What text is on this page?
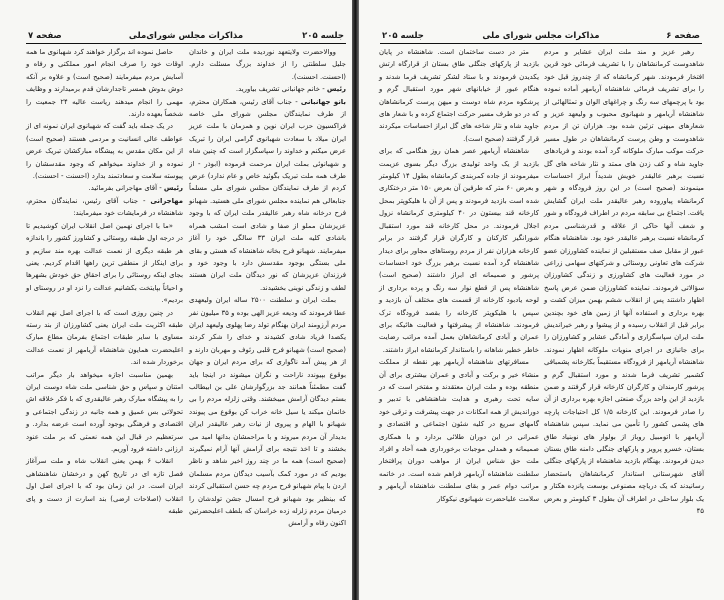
جلسه ۲۰۵
مذاکرات مجلس شورای‌ملی
صفحه ۷

ووالاحضرت ولایتعهد نوردیده ملت ایران و خاندان جلیل سلطنتی را از خداوند بزرگ مسئلت دارم. (احسنت. احسنت).

رئیس - خانم جهانبانی تشریف بیاورید.

بانو جهانبانی - جناب آقای رئیس، همکاران محترم، از طرف نمایندگان مجلس شورای ملی خاصه فراکسیون حزب ایران نوین و همزمان با ملت عزیز ایران میلاد با سعادت شهبانوی گرامی ایران را تبریک عرض میکنم و خداوند را سپاسگزار است که چنین شاه و شهبانوئی بملت ایران مرحمت فرموده (ابوذر - از طرف همه ملت تبریک بگوئید خاص و عام ندارد) عرض کردم از طرف نمایندگان مجلس شورای ملی مسلماً جنابعالی هم نماینده مجلس شورای ملی هستید. شهبانو فرح درخانه شاه رهبر عالیقدر ملت ایران که با وجود عزیزشان مملو از صفا و شادی است امشب همراه باشادی کلیه ملت ایران ۳۳ سالگی خود را آغاز میفرمایند. شهبانو فرح بخانه شاهنشاه که هستی و بقای ملی بستگی بوجود مقدسش دارد با وجود خود و فرزندان عزیزشان که نور دیدگان ملت ایران هستند لطف و زندگی نوینی بخشیدند.

بملت ایران و سلطنت ۲۵۰۰ ساله ایران ولیعهدی عطا فرمودند که ودیعه عزیز الهی بوده و ۳۵ میلیون نفر مردم آرزومند ایران بهنگام تولد رضا پهلوی ولیعهد ایران یکصدا فریاد شادی کشیدند و خدای را شکر کردند (صحیح است) شهبانو فرح قلبی رئوف و مهربان دارند و از هر پیش آمد ناگواری که برای مردم ایران و جهان بوقوع بپیوندد ناراحت و نگران میشوند در اینجا باید گفت مطمئناً همانند جد بزرگوارشان علی بن ابیطالب بستم دیدگان آرامش میبخشند. وقتی زلزله مردم را بی خانمان میکند یا سیل خانه خراب کن بوقوع می پیوندد شهبانو با الهام و پیروی از نیات رهبر عالیقدر ایران بدیدار آن مردم میروند و با مراحمشان بدانها امید می بخشند و تا اخذ نتیجه برای آرامش آنها آرام نمیگیرند (صحیح است) همه ما در چند روز اخیر شاهد و ناظر بودیم که در مورد کمک بآسیب دیدگان مردم مسلمان اردن با پیام شهبانو فرح مردم چه حسن استقبالی کردند که بینظیر بود شهبانو فرح امسال جشن تولدشان را درمیان مردم زلزله زده خراسان که بلطف اعلیحضرتین اکنون رفاه و آرامش

حاصل نموده اند برگزار خواهند کرد شهبانوی ما همه اوقات خود را صرف انجام امور مملکتی و رفاه و آسایش مردم میفرمایند (صحیح است) و علاوه بر آنکه دوش بدوش همسر تاجدارشان قدم برمیدارند و وظایف مهمی را انجام میدهند ریاست عالیه ۲۴ جمعیت را شخصاً بعهده دارند.

در یک جمله باید گفت که شهبانوی ایران نمونه ای از عواطف عالی انسانیت و مردمی هستند (صحیح است) از این مکان مقدس به پیشگاه مبارکشان تبریک عرض نموده و از خداوند میخواهم که وجود مقدسشان را پیوسته سلامت و سعادتمند بدارد (احسنت - احسنت).

رئیس - آقای مهاجرانی بفرمائید.

مهاجرانی - جناب آقای رئیس، نمایندگان محترم، شاهنشاه در فرمایشات خود میفرمایند:

«ما با اجرای نهمین اصل انقلاب ایران کوشیدیم تا در درجه اول طبقه روستائی و کشاورز کشور را باندازه هر طبقه دیگری از نعمت عدالت بهره مند سازیم و برای اینکار از منطقی ترین راهها اقدام کردیم. یعنی بجای اینکه روستائی را برای احقاق حق خودش بشهرها و احیاناً بپایتخت بکشانیم عدالت را نزد او در روستای او بردیم».

در چنین روزی است که با اجرای اصل نهم انقلاب طبقه اکثریت ملت ایران یعنی کشاورزان از بند رسته مساوی با سایر طبقات اجتماع بفرمان مطاع مبارک اعلیحضرت همایون شاهنشاه آریامهر از نعمت عدالت برخوردار شده اند.

بهمین مناسبت اجازه میخواهد بار دیگر مراتب امتنان و سپاس و حق شناسی ملت شاه دوست ایران را به پیشگاه مبارک رهبر عالیقدری که با فکر خلاقه اش تحولاتی بس عمیق و همه جانبه در زندگی اجتماعی و اقتصادی و فرهنگی بوجود آورده است عرضه بدارد. و سرتعظیم در قبال این همه نعمتی که بر ملت عنود ارزانی داشته فرود آوریم.

انقلاب ۶ بهمن یعنی انقلاب شاه و ملت سرآغاز فصل تازه ای در تاریخ کهن و درخشان شاهنشاهی ایران است. در این زمان بود که با اجرای اصل اول انقلاب (اصلاحات ارضی) بند اسارت از دست و پای طبقه

صفحه ۶
مذاکرات مجلس شورای ملی
جلسه ۲۰۵

رهبر عزیز و مند ملت ایران عشایر و مردم شاهدوست کرمانشاهان را با تشریف فرمائی خود قرین افتخار فرمودند. شهر کرمانشاه که از چندروز قبل خود را برای تشریف فرمائی شاهنشاه آریامهر آماده نموده بود با پرچمهای سه رنگ و چراغهای الوان و تمثالهائی از شاهنشاه آریامهر و شهبانوی محبوب و ولیعهد عزیز و شعارهای میهنی تزئین شده بود. هزاران تن از مردم شاهدوست و وطن پرست کرمانشاهان در طول مسیر حرکت موکب مبارک ملوکانه گرد آمده بودند و فریادهای جاوید شاه و کف زدن های ممتد و نثار شاخه های گل نسبت برهبر عالیقدر خویش شدیداً ابراز احساسات مینمودند (صحیح است) در این روز فرودگاه و شهر کرمانشاه پیاوروده رهبر عالیقدر ملت ایران گشایش یافت. اجتماع بی سابقه مردم در اطراف فرودگاه و شور و شعف آنها حاکی از علاقه و قدرشناسی مردم کرمانشاه نسبت برهبر عالیقدر خود بود. شاهنشاه هنگام عبور از مقابل صف مستقبلین از نماینده کشاورزان عضو شرکت های تعاونی روستائی و شرکتهای سهامی زراعی در مورد فعالیت های کشاورزی و زندگی کشاورزان سؤالاتی فرمودند. نماینده کشاورزان ضمن عرض پاسخ اظهار داشتند پس از انقلاب ششم بهمن میزان کشت و بهره برداری و استفاده آنها از زمین های خود بچندین برابر قبل از انقلاب رسیده و از پیشوا و رهبر خیراندیش ملت ایران سپاسگزاری و آمادگی عشایر و کشاورزان را برای جانبازی در اجرای منویات ملوکانه اظهار نمودند. شاهنشاه آریامهر از فرودگاه مستقیماً بکارخانه پشمبافی کشمیر تشریف فرما شدند و مورد استقبال گرم و پرشور کارمندان و کارگران کارخانه قرار گرفتند و ضمن بازدید از این واحد بزرگ صنعتی اجازه بهره برداری از آن را صادر فرمودند. این کارخانه ۱/۵ کل احتیاجات پارچه های پشمی کشور را تأمین می نماید. سپس شاهنشاه آریامهر با اتومبیل روباز از بولوار های نوبنیاد طاق بستان، خسرو پرویز و پارکهای جنگلی دامنه طاق بستان دیدن فرمودند. بهنگام بازدید شاهنشاه از پارکهای جنگلی آقای شهرستانی استاندار کرمانشاهان باستحضار رسانیدند که یک دریاچه مصنوعی بوسعت پانزده هکتار و یک بلوار ساحلی در اطراف آن بطول ۳ کیلومتر و بعرض ۴۵

متر در دست ساختمان است. شاهنشاه در پایان بازدید از پارکهای جنگلی طاق بستان از قرارگاه ارتش یکدیدن فرمودند و با ستاد لشکر تشریف فرما شدند و هنگام عبور از خیابانهای شهر مورد استقبال گرم و پرشکوه مردم شاه دوست و میهن پرست کرمانشاهان که در دو طرف مسیر حرکت اجتماع کرده و با شعار های جاوید شاه و نثار شاخه های گل ابراز احساسات میکردند قرار گرفتند (صحیح است).

شاهنشاه آریامهر عصر همان روز هنگامی که برای بازدید از یک واحد تولیدی بزرگ دیگر بسوی عزیمت میفرمودند از جاده کمربندی کرمانشاه بطول ۱۴ کیلومتر و بعرض ۶۰ متر که طرفین آن بعرض ۱۵۰ متر درختکاری شده است بازدید فرمودند و پس از آن با هلیکوپتر بمحل کارخانه قند بیستون در ۴۰ کیلومتری کرمانشاه نزول اجلال فرمودند. در محل کارخانه قند مورد استقبال شورانگیز کارکنان و کارگران قرار گرفتند در برابر کارخانه هزاران نفر از مردم روستاهای مجاور برای دیدار شاهنشاه گرد آمده نسبت برهبر بزرگ خود احساسات پرشور و صمیمانه ای ابراز داشتند (صحیح است) شاهنشاه پس از قطع نوار سه رنگ و پرده برداری از لوحه یادبود کارخانه از قسمت های مختلف آن بازدید و سپس با هلیکوپتر کارخانه را بقصد فرودگاه ترک فرمودند. شاهنشاه از پیشرفتها و فعالیت هائیکه برای عمران و آبادی کرمانشاهان بعمل آمده مراتب رضایت خاطر خطیر شاهانه را باستاندار کرمانشاه ابراز داشتند.

مسافرتهای شاهنشاه آریامهر بهر نقطه از مملکت منشاء خیر و برکت و آبادی و عمران بیشتری برای آن منطقه بوده و ملت ایران معتقدند و مفتخر است که در سایه تحت رهبری و هدایت شاهنشاهی با تدبیر و دوراندیش از همه امکانات در جهت پیشرفت و ترقی خود گامهای سریع در کلیه شئون اجتماعی و اقتصادی و عمرانی در این دوران طلائی بردارد و با همکاری صمیمانه و همدلی موجبات برخورداری همه آحاد و افراد ملت حق شناس ایران از مواهب دوران پرافتخار سلطنت شاهنشاه آریامهر فراهم شده است. در خاتمه مراتب دوام عمر و بقای سلطنت شاهنشاه آریامهر و سلامت علیاحضرت شهبانوی نیکوکار
